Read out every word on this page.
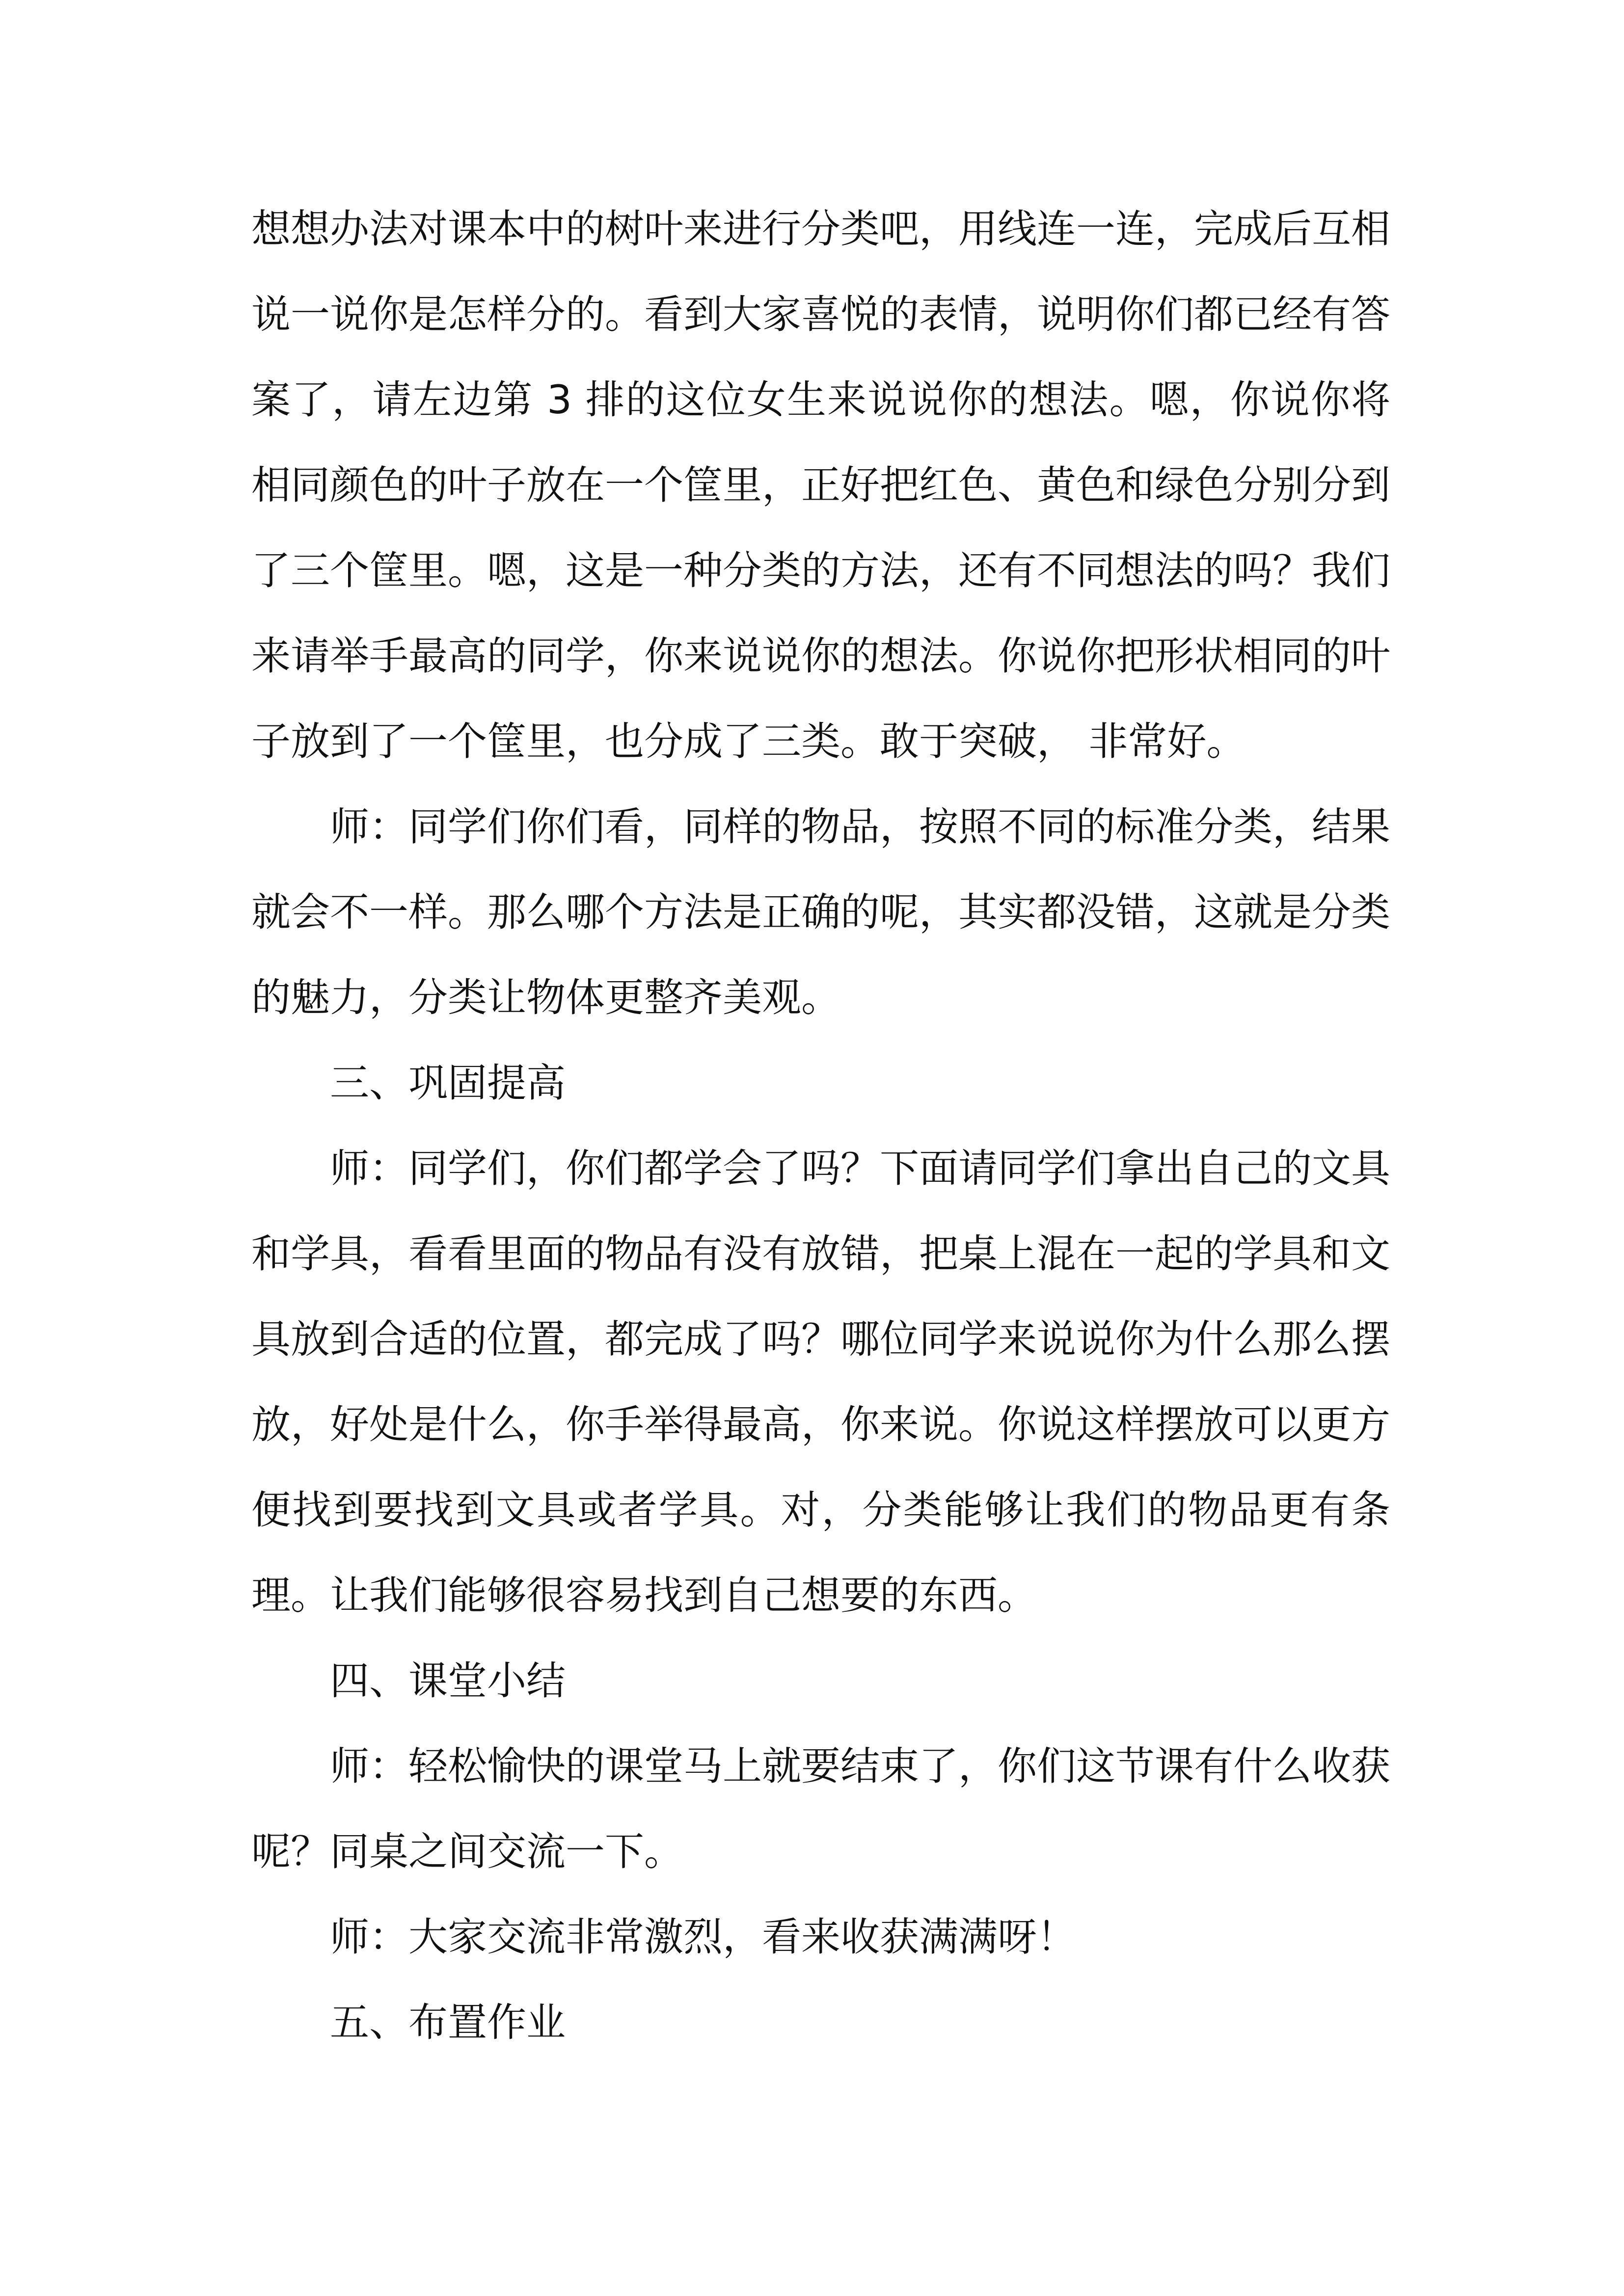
想想办法对课本中的树叶来进行分类吧，用线连一连，完成后互相说一说你是怎样分的。看到大家喜悦的表情，说明你们都已经有答案了，请左边第 3 排的这位女生来说说你的想法。嗯，你说你将相同颜色的叶子放在一个筐里，正好把红色、黄色和绿色分别分到了三个筐里。嗯，这是一种分类的方法，还有不同想法的吗？我们来请举手最高的同学，你来说说你的想法。你说你把形状相同的叶子放到了一个筐里，也分成了三类。敢于突破， 非常好。

师：同学们你们看，同样的物品，按照不同的标准分类，结果就会不一样。那么哪个方法是正确的呢，其实都没错，这就是分类的魅力，分类让物体更整齐美观。

三、巩固提高

师：同学们，你们都学会了吗？下面请同学们拿出自己的文具和学具，看看里面的物品有没有放错，把桌上混在一起的学具和文具放到合适的位置，都完成了吗？哪位同学来说说你为什么那么摆放，好处是什么，你手举得最高，你来说。你说这样摆放可以更方便找到要找到文具或者学具。对，分类能够让我们的物品更有条理。让我们能够很容易找到自己想要的东西。

四、课堂小结

师：轻松愉快的课堂马上就要结束了，你们这节课有什么收获呢？同桌之间交流一下。

师：大家交流非常激烈，看来收获满满呀！

五、布置作业
